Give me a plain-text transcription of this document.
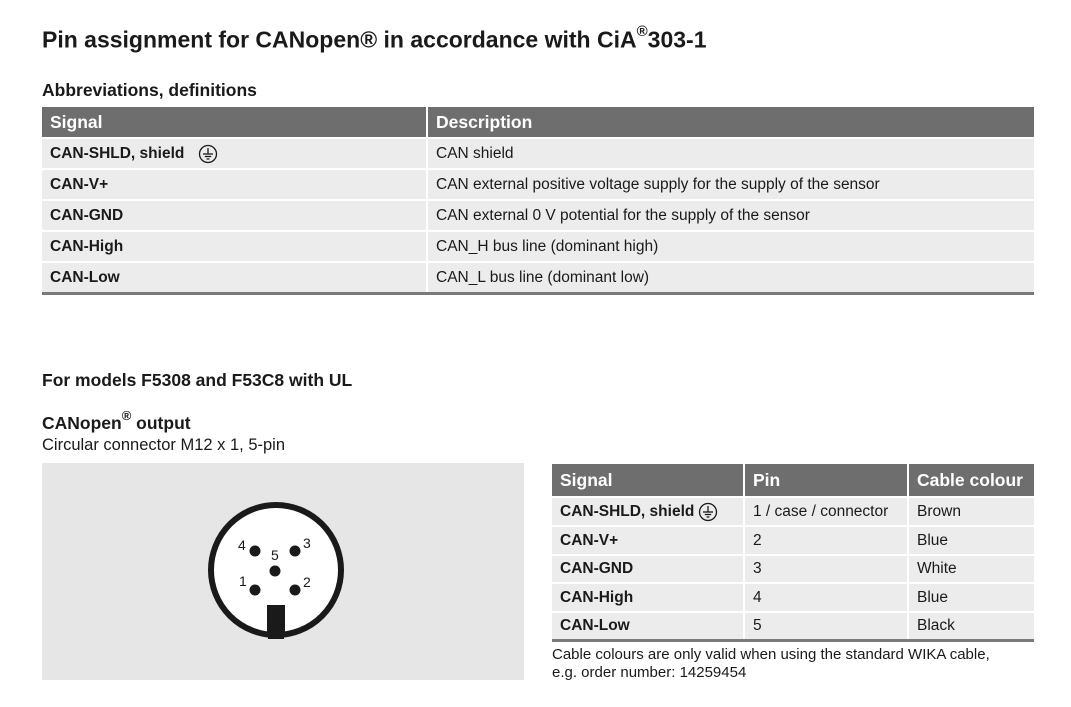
Pin assignment for CANopen® in accordance with CiA®303-1
Abbreviations, definitions
Signal	Description
CAN-SHLD, shield	CAN shield
CAN-V+	CAN external positive voltage supply for the supply of the sensor
CAN-GND	CAN external 0 V potential for the supply of the sensor
CAN-High	CAN_H bus line (dominant high)
CAN-Low	CAN_L bus line (dominant low)
For models F5308 and F53C8 with UL
CANopen® output
Circular connector M12 x 1, 5-pin
4	3
5
1	2
Signal	Pin	Cable colour
CAN-SHLD, shield	1 / case / connector	Brown
CAN-V+	2	Blue
CAN-GND	3	White
CAN-High	4	Blue
CAN-Low	5	Black
Cable colours are only valid when using the standard WIKA cable,
e.g. order number: 14259454
